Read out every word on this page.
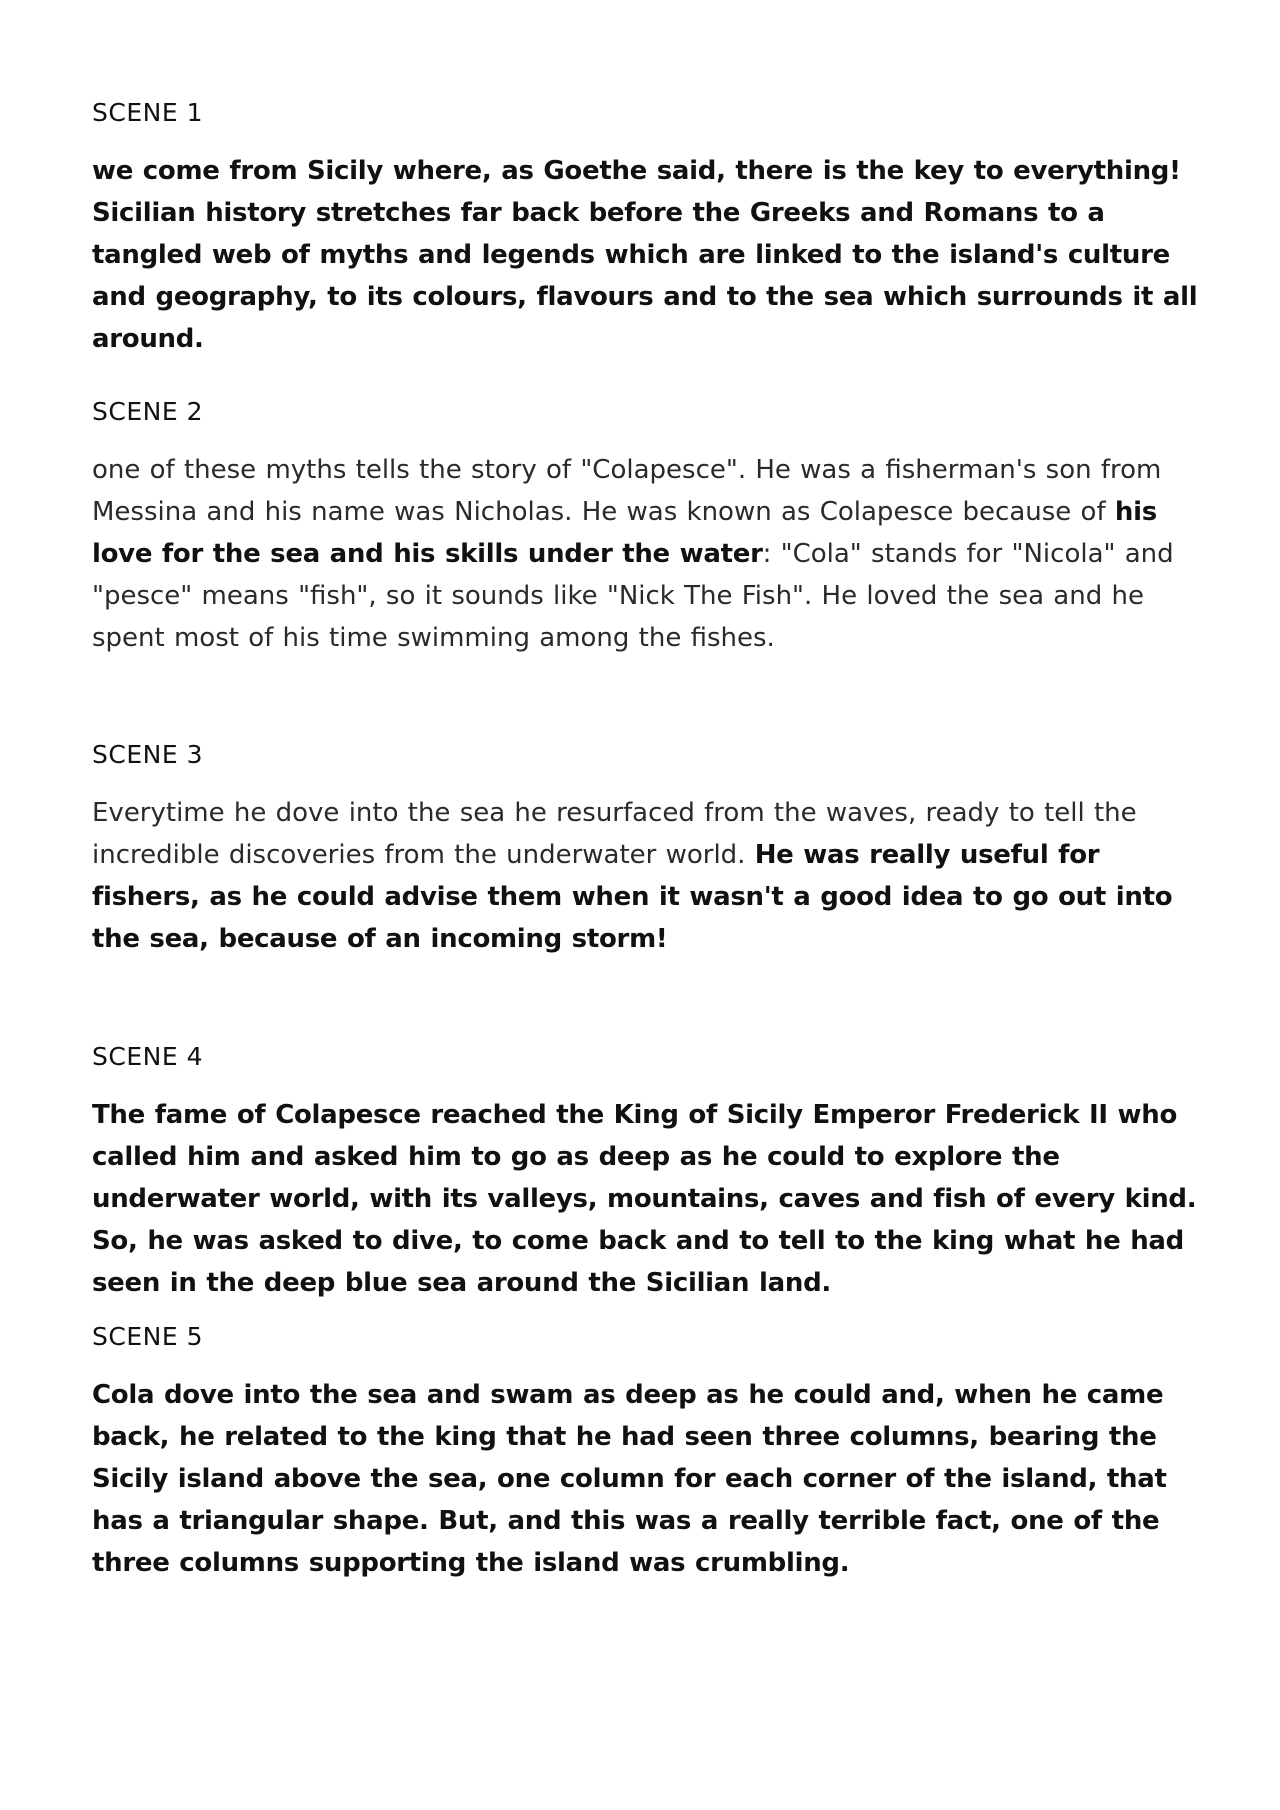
SCENE 1

we come from Sicily where, as Goethe said, there is the key to everything! Sicilian history stretches far back before the Greeks and Romans to a tangled web of myths and legends which are linked to the island's culture and geography, to its colours, flavours and to the sea which surrounds it all around.

SCENE 2

one of these myths tells the story of "Colapesce". He was a fisherman's son from Messina and his name was Nicholas. He was known as Colapesce because of his love for the sea and his skills under the water: "Cola" stands for "Nicola" and "pesce" means "fish", so it sounds like "Nick The Fish". He loved the sea and he spent most of his time swimming among the fishes.

SCENE 3

Everytime he dove into the sea he resurfaced from the waves, ready to tell the incredible discoveries from the underwater world. He was really useful for fishers, as he could advise them when it wasn't a good idea to go out into the sea, because of an incoming storm!

SCENE 4

The fame of Colapesce reached the King of Sicily Emperor Frederick II who called him and asked him to go as deep as he could to explore the underwater world, with its valleys, mountains, caves and fish of every kind. So, he was asked to dive, to come back and to tell to the king what he had seen in the deep blue sea around the Sicilian land.

SCENE 5

Cola dove into the sea and swam as deep as he could and, when he came back, he related to the king that he had seen three columns, bearing the Sicily island above the sea, one column for each corner of the island, that has a triangular shape. But, and this was a really terrible fact, one of the three columns supporting the island was crumbling.
